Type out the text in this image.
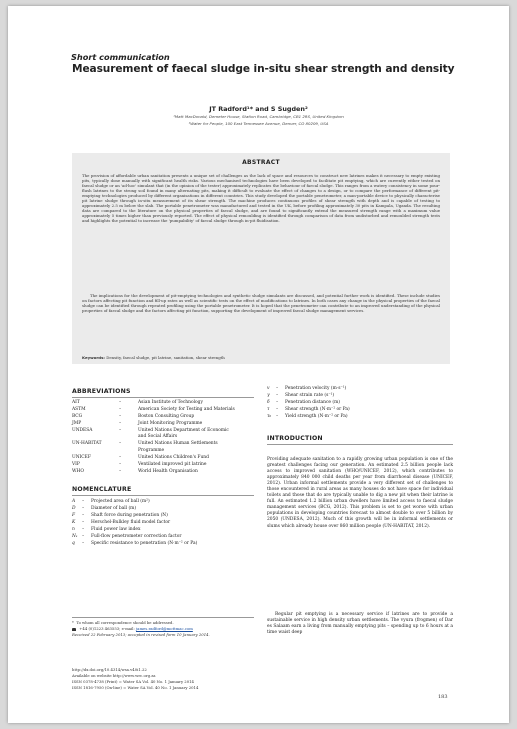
Short communication
Measurement of faecal sludge in-situ shear strength and density
JT Radford¹* and S Sugden²
¹Matt MacDonald, Demeter House, Station Road, Cambridge, CB1 2RS, United Kingdom
²Water for People, 100 East Tennessee Avenue, Denver, CO 80209, USA
ABSTRACT

The provision of affordable urban sanitation presents a unique set of challenges as the lack of space and resources to construct new latrines makes it necessary to empty existing pits, typically done manually with significant health risks. Various mechanised technologies have been developed to facilitate pit emptying, which are currently either tested on faecal sludge or an 'ad-hoc' simulant that (in the opinion of the tester) approximately replicates the behaviour of faecal sludge. This ranges from a watery consistency in some pour-flush latrines to the strong soil found in many alternating pits, making it difficult to evaluate the effect of changes to a design, or to compare the performance of different pit-emptying technologies produced by different organisations in different countries. This study developed the portable penetrometer, a man-portable device to physically characterise pit latrine sludge through in-situ measurement of its shear strength. The machine produces continuous profiles of shear strength with depth and is capable of testing to approximately 2.5 m below the slab. The portable penetrometer was manufactured and tested in the UK, before profiling approximately 30 pits in Kampala, Uganda. The resulting data are compared to the literature on the physical properties of faecal sludge, and are found to significantly extend the measured strength range with a maximum value approximately 5 times higher than previously reported. The effect of physical remoulding is identified through comparison of data from undisturbed and remoulded strength tests and highlights the potential to increase the 'pumpability' of faecal sludge through in-pit fluidisation.

The implications for the development of pit-emptying technologies and synthetic sludge simulants are discussed, and potential further work is identified. These include studies on factors affecting pit function and fill-up rates as well as scientific tests on the effect of modifications to latrines. In both cases any change in the physical properties of the faecal sludge can be identified through repeated profiling using the portable penetrometer. It is hoped that the penetrometer can contribute to an improved understanding of the physical properties of faecal sludge and the factors affecting pit function, supporting the development of improved faecal sludge management services.

Keywords: Density, faecal sludge, pit latrine, sanitation, shear strength
ABBREVIATIONS
AIT	–	Asian Institute of Technology
ASTM	–	American Society for Testing and Materials
BCG	–	Boston Consulting Group
JMP	–	Joint Monitoring Programme
UNDESA	–	United Nations Department of Economic
and Social Affairs
UN-HABITAT	–	United Nations Human Settlements
Programme
UNICEF	–	United Nations Children's Fund
VIP	–	Ventilated improved pit latrine
WHO	–	World Health Organisation
NOMENCLATURE
A – Projected area of ball (m²)
D – Diameter of ball (m)
F – Shaft force during penetration (N)
K – Herschel-Bulkley fluid model factor
n – Fluid power law index
Nₛ – Full-flow penetrometer correction factor
q – Specific resistance to penetration (N·m⁻² or Pa)
v – Penetration velocity (m·s⁻¹)
γ – Shear strain rate (s⁻¹)
δ – Penetration distance (m)
τ – Shear strength (N·m⁻² or Pa)
τ₀ – Yield strength (N·m⁻² or Pa)
INTRODUCTION

Providing adequate sanitation to a rapidly growing urban population is one of the greatest challenges facing our generation. An estimated 2.5 billion people lack access to improved sanitation (WHO/UNICEF, 2012), which contributes to approximately 840 000 child deaths per year from diarrhoeal disease (UNICEF, 2012). Urban informal settlements provide a very different set of challenges to those encountered in rural areas as many houses do not have space for individual toilets and those that do are typically unable to dig a new pit when their latrine is full. An estimated 1.2 billion urban dwellers have limited access to faecal sludge management services (BCG, 2012). This problem is set to get worse with urban populations in developing countries forecast to almost double to over 5 billion by 2050 (UNDESA, 2012). Much of this growth will be in informal settlements or slums which already house over 860 million people (UN-HABITAT, 2012).

Regular pit emptying is a necessary service if latrines are to provide a sustainable service in high density urban settlements. The vyura (frogmen) of Dar es Salaam earn a living from manually emptying pits – spending up to 6 hours at a time waist deep

* To whom all correspondence should be addressed.
+44 (0)1223 463553; e-mail: james.radford@mottmac.com
Received 22 February 2013; accepted in revised form 10 January 2014.
http://dx.doi.org/10.4314/wsa.v40i1.22
Available on website http://www.wrc.org.za
ISSN 0378-4738 (Print) = Water SA Vol. 40 No. 1 January 2014
ISSN 1816-7950 (On-line) = Water SA Vol. 40 No. 1 January 2014
183
